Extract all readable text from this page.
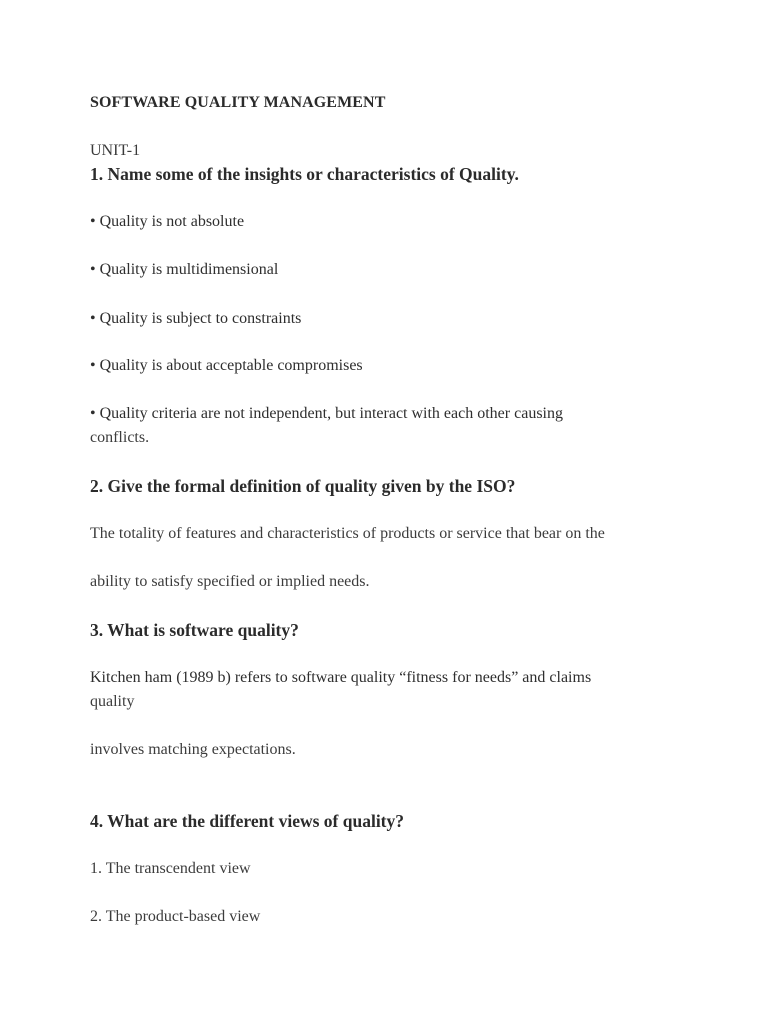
SOFTWARE QUALITY MANAGEMENT

UNIT-1

1. Name some of the insights or characteristics of Quality.

• Quality is not absolute

• Quality is multidimensional

• Quality is subject to constraints

• Quality is about acceptable compromises

• Quality criteria are not independent, but interact with each other causing

conflicts.

2. Give the formal definition of quality given by the ISO?

The totality of features and characteristics of products or service that bear on the

ability to satisfy specified or implied needs.

3. What is software quality?

Kitchen ham (1989 b) refers to software quality “fitness for needs” and claims

quality

involves matching expectations.

4. What are the different views of quality?

1. The transcendent view

2. The product-based view
